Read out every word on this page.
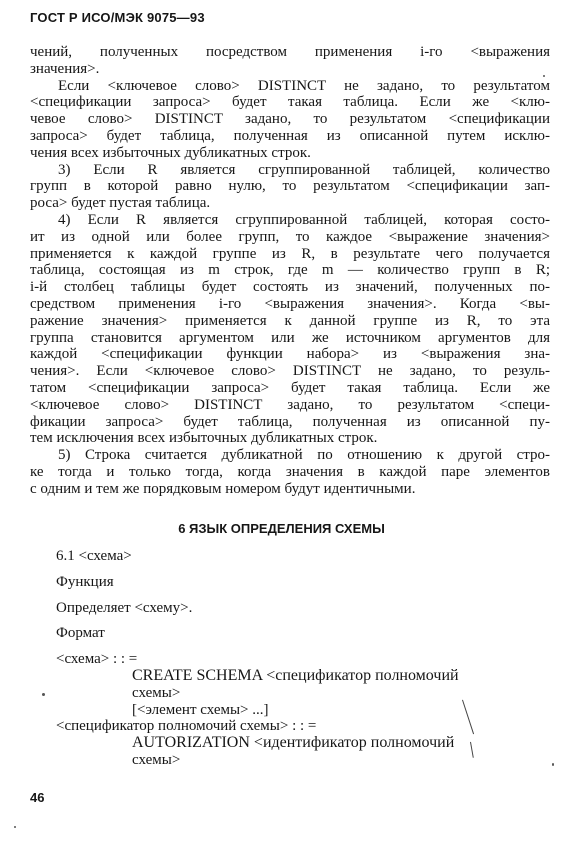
ГОСТ Р ИСО/МЭК 9075—93
чений, полученных посредством применения i-го <выражения
значения>.
Если <ключевое слово> DISTINCT не задано, то результатом
<спецификации запроса> будет такая таблица. Если же <клю-
чевое слово> DISTINCT задано, то результатом <спецификации
запроса> будет таблица, полученная из описанной путем исклю-
чения всех избыточных дубликатных строк.
3) Если R является сгруппированной таблицей, количество
групп в которой равно нулю, то результатом <спецификации зап-
роса> будет пустая таблица.
4) Если R является сгруппированной таблицей, которая состо-
ит из одной или более групп, то каждое <выражение значения>
применяется к каждой группе из R, в результате чего получается
таблица, состоящая из m строк, где m — количество групп в R;
i-й столбец таблицы будет состоять из значений, полученных по-
средством применения i-го <выражения значения>. Когда <вы-
ражение значения> применяется к данной группе из R, то эта
группа становится аргументом или же источником аргументов для
каждой <спецификации функции набора> из <выражения зна-
чения>. Если <ключевое слово> DISTINCT не задано, то резуль-
татом <спецификации запроса> будет такая таблица. Если же
<ключевое слово> DISTINCT задано, то результатом <специ-
фикации запроса> будет таблица, полученная из описанной пу-
тем исключения всех избыточных дубликатных строк.
5) Строка считается дубликатной по отношению к другой стро-
ке тогда и только тогда, когда значения в каждой паре элементов
с одним и тем же порядковым номером будут идентичными.
6 ЯЗЫК ОПРЕДЕЛЕНИЯ СХЕМЫ
6.1 <схема>
Функция
Определяет <схему>.
Формат
<схема> : : =
CREATE SCHEMA <спецификатор полномочий
схемы>
[<элемент схемы> ...]
<спецификатор полномочий схемы> : : =
AUTORIZATION <идентификатор полномочий
схемы>
46
